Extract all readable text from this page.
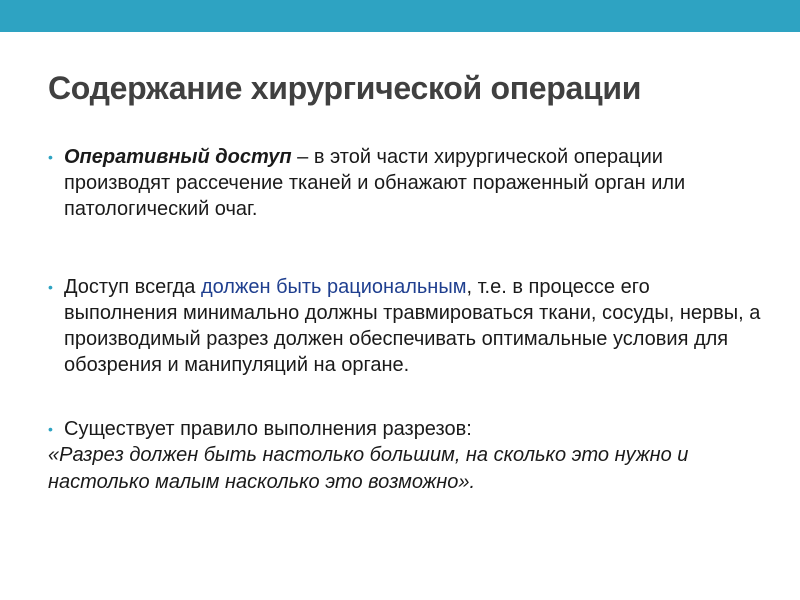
Содержание хирургической операции

• Оперативный доступ – в этой части хирургической операции производят рассечение тканей и обнажают пораженный орган или патологический очаг.

• Доступ всегда должен быть рациональным, т.е. в процессе его выполнения минимально должны травмироваться ткани, сосуды, нервы, а производимый разрез должен обеспечивать оптимальные условия для обозрения и манипуляций на органе.

• Существует правило выполнения разрезов:

«Разрез должен быть настолько большим, на сколько это нужно и настолько малым насколько это возможно».
